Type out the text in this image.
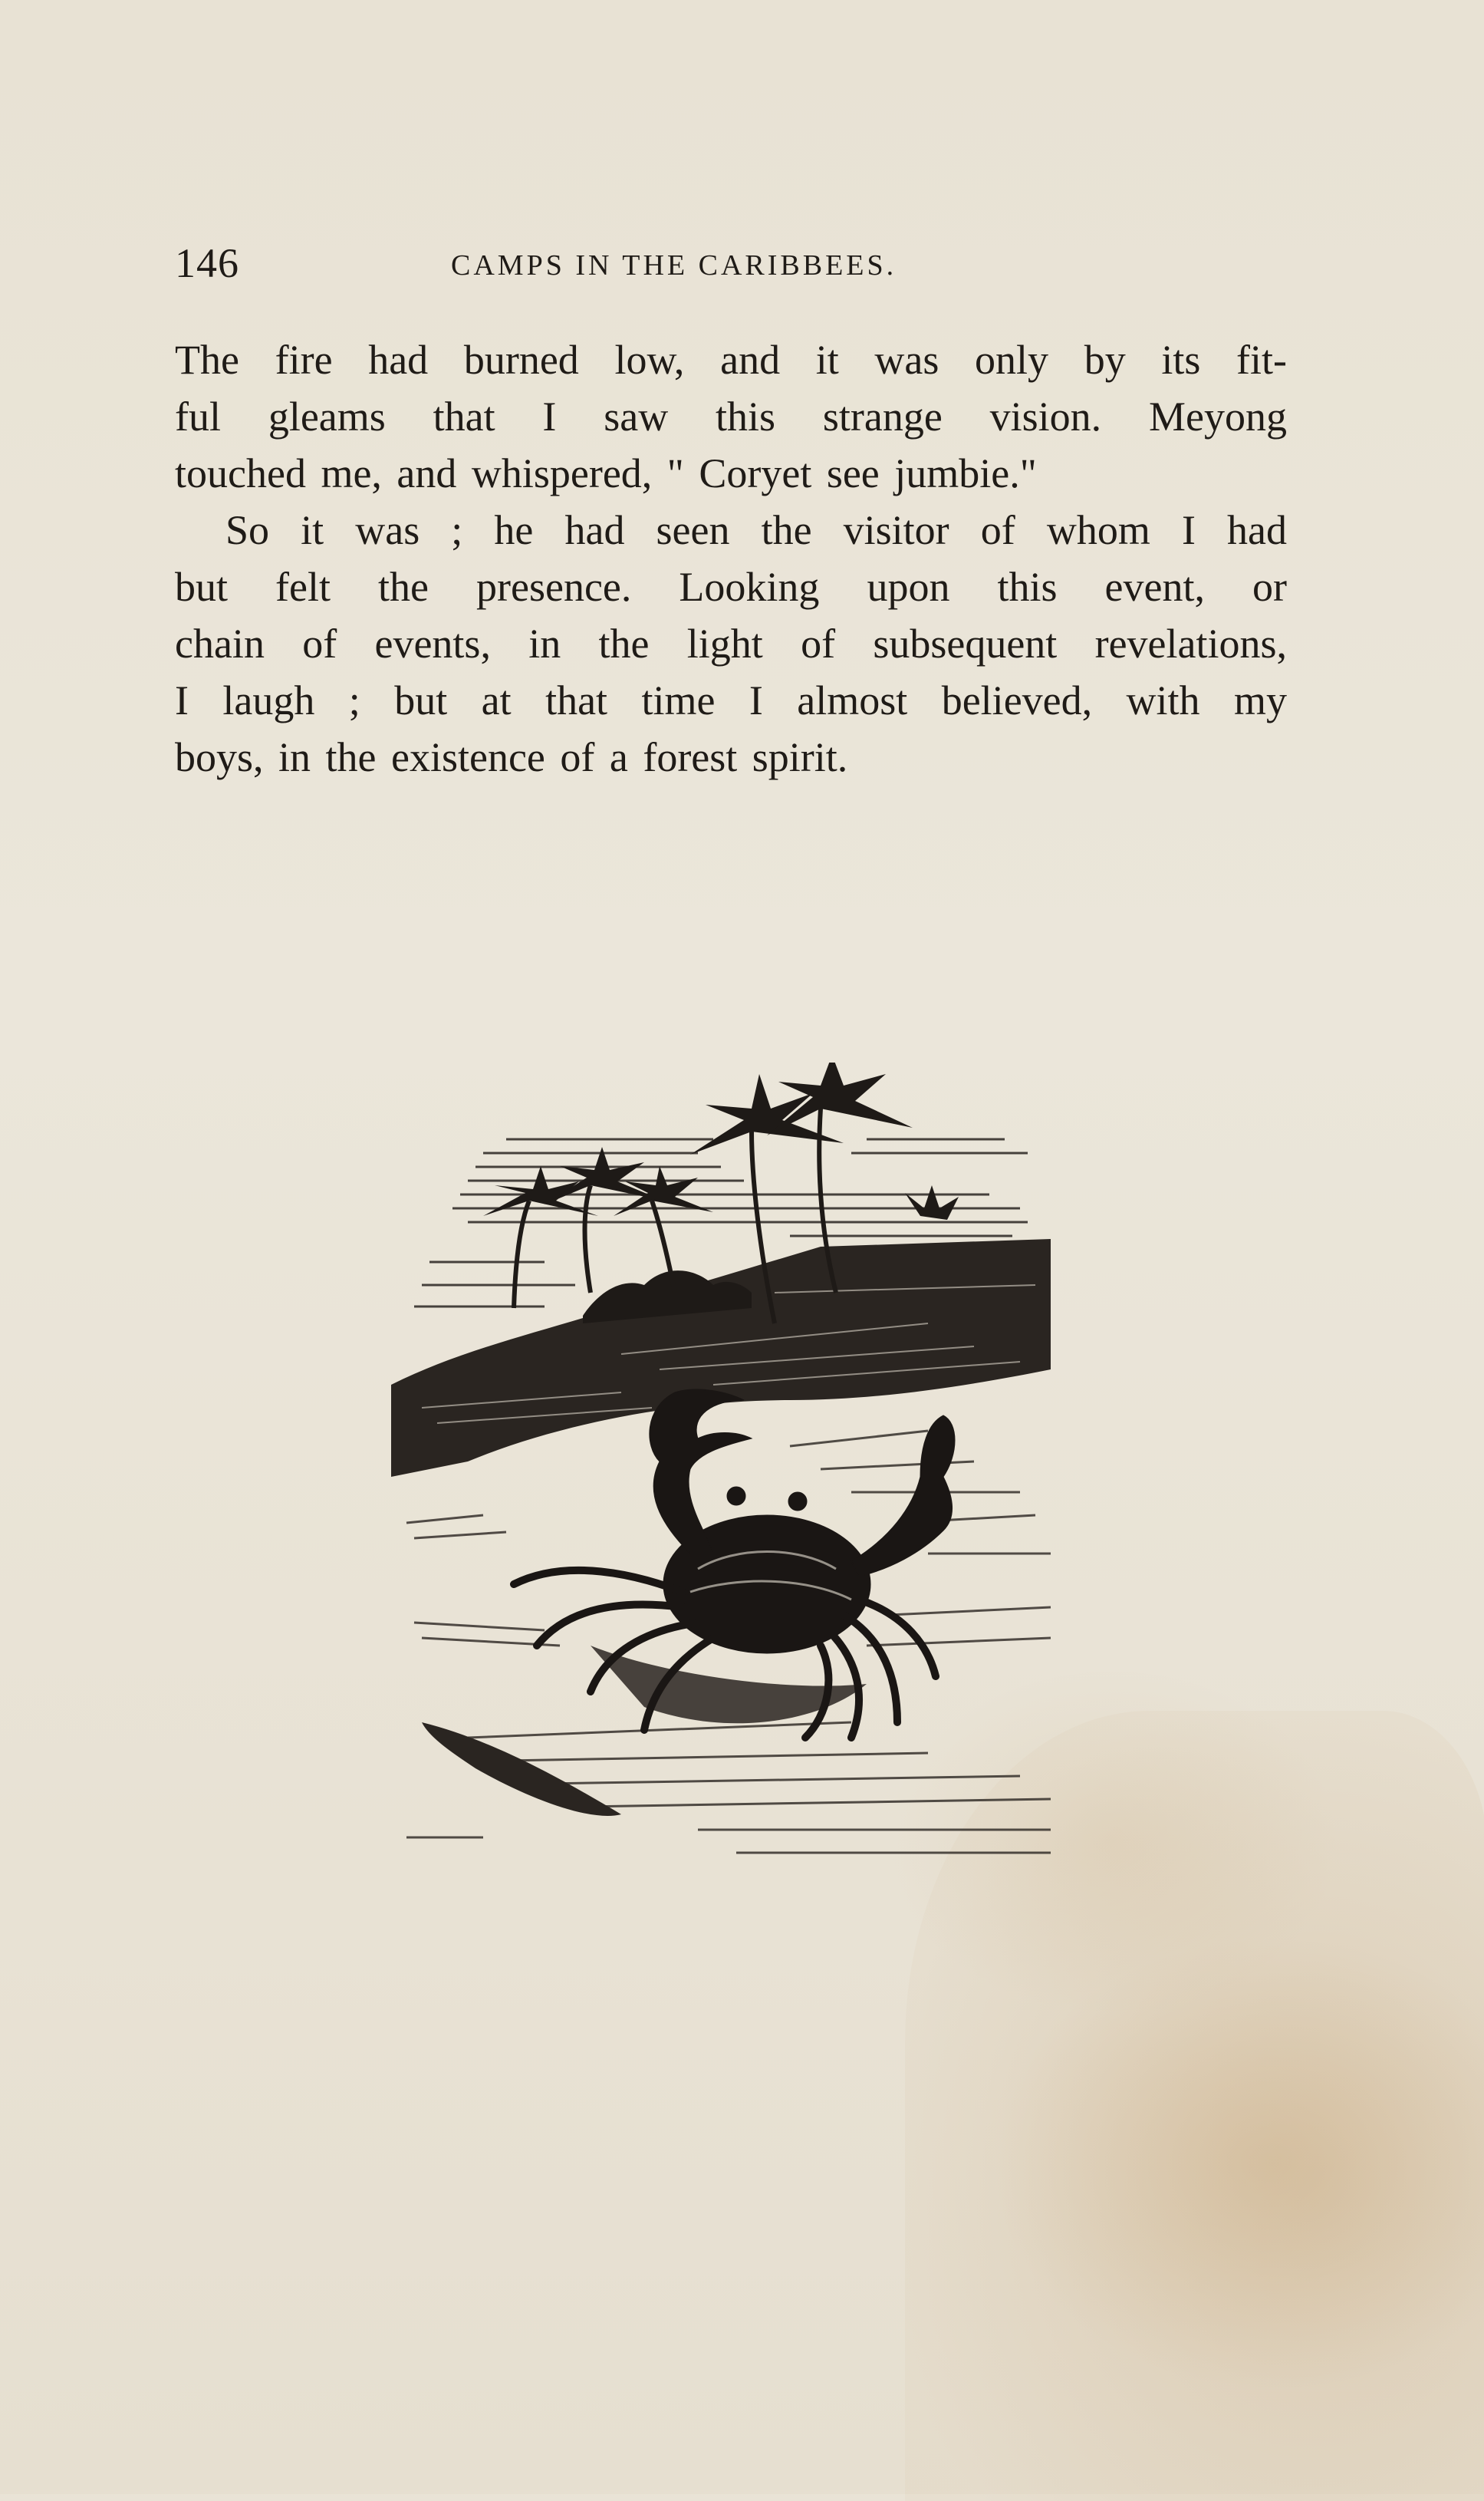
146	CAMPS IN THE CARIBBEES.

The fire had burned low, and it was only by its fit-
ful gleams that I saw this strange vision. Meyong
touched me, and whispered, " Coryet see jumbie."

So it was ; he had seen the visitor of whom I had
but felt the presence. Looking upon this event, or
chain of events, in the light of subsequent revelations,
I laugh ; but at that time I almost believed, with my
boys, in the existence of a forest spirit.
